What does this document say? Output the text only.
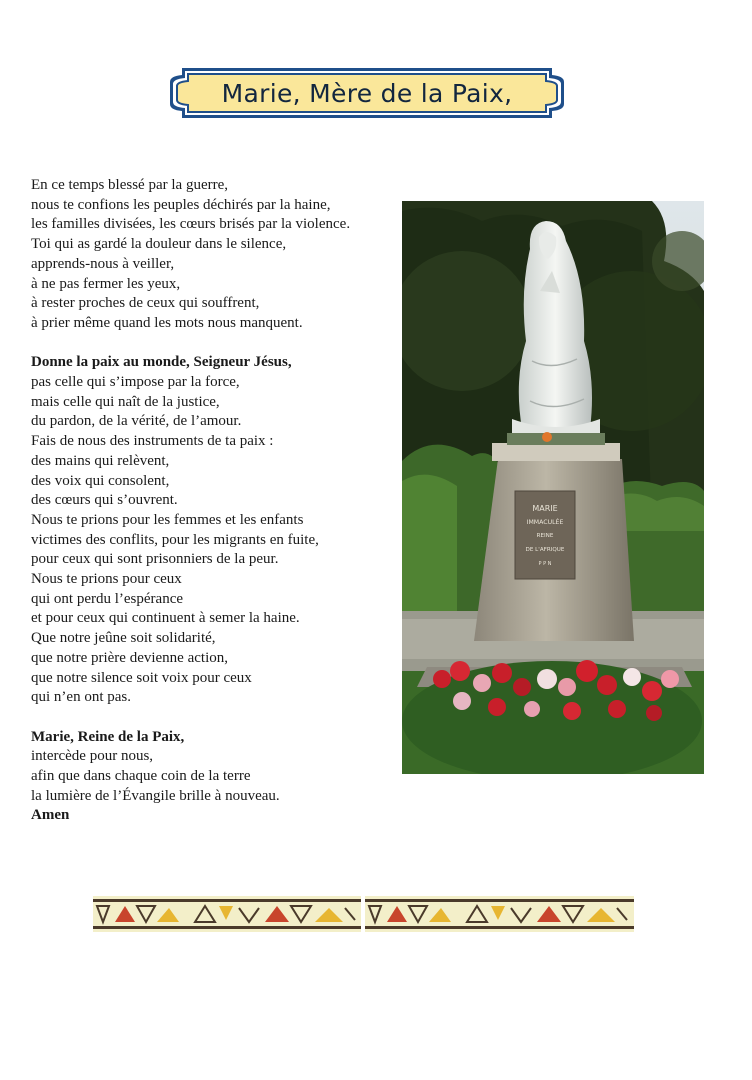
Marie, Mère de la Paix,
En ce temps blessé par la guerre,
nous te confions les peuples déchirés par la haine,
les familles divisées, les cœurs brisés par la violence.
Toi qui as gardé la douleur dans le silence,
apprends-nous à veiller,
à ne pas fermer les yeux,
à rester proches de ceux qui souffrent,
à prier même quand les mots nous manquent.
Donne la paix au monde, Seigneur Jésus,
pas celle qui s’impose par la force,
mais celle qui naît de la justice,
du pardon, de la vérité, de l’amour.
Fais de nous des instruments de ta paix :
des mains qui relèvent,
des voix qui consolent,
des cœurs qui s’ouvrent.
Nous te prions pour les femmes et les enfants
victimes des conflits, pour les migrants en fuite,
pour ceux qui sont prisonniers de la peur.
Nous te prions pour ceux
qui ont perdu l’espérance
et pour ceux qui continuent à semer la haine.
Que notre jeûne soit solidarité,
que notre prière devienne action,
que notre silence soit voix pour ceux
qui n’en ont pas.
Marie, Reine de la Paix,
intercède pour nous,
afin que dans chaque coin de la terre
la lumière de l’Évangile brille à nouveau.
Amen
MARIE
IMMACULÉE
REINE
DE L'AFRIQUE
P P N
